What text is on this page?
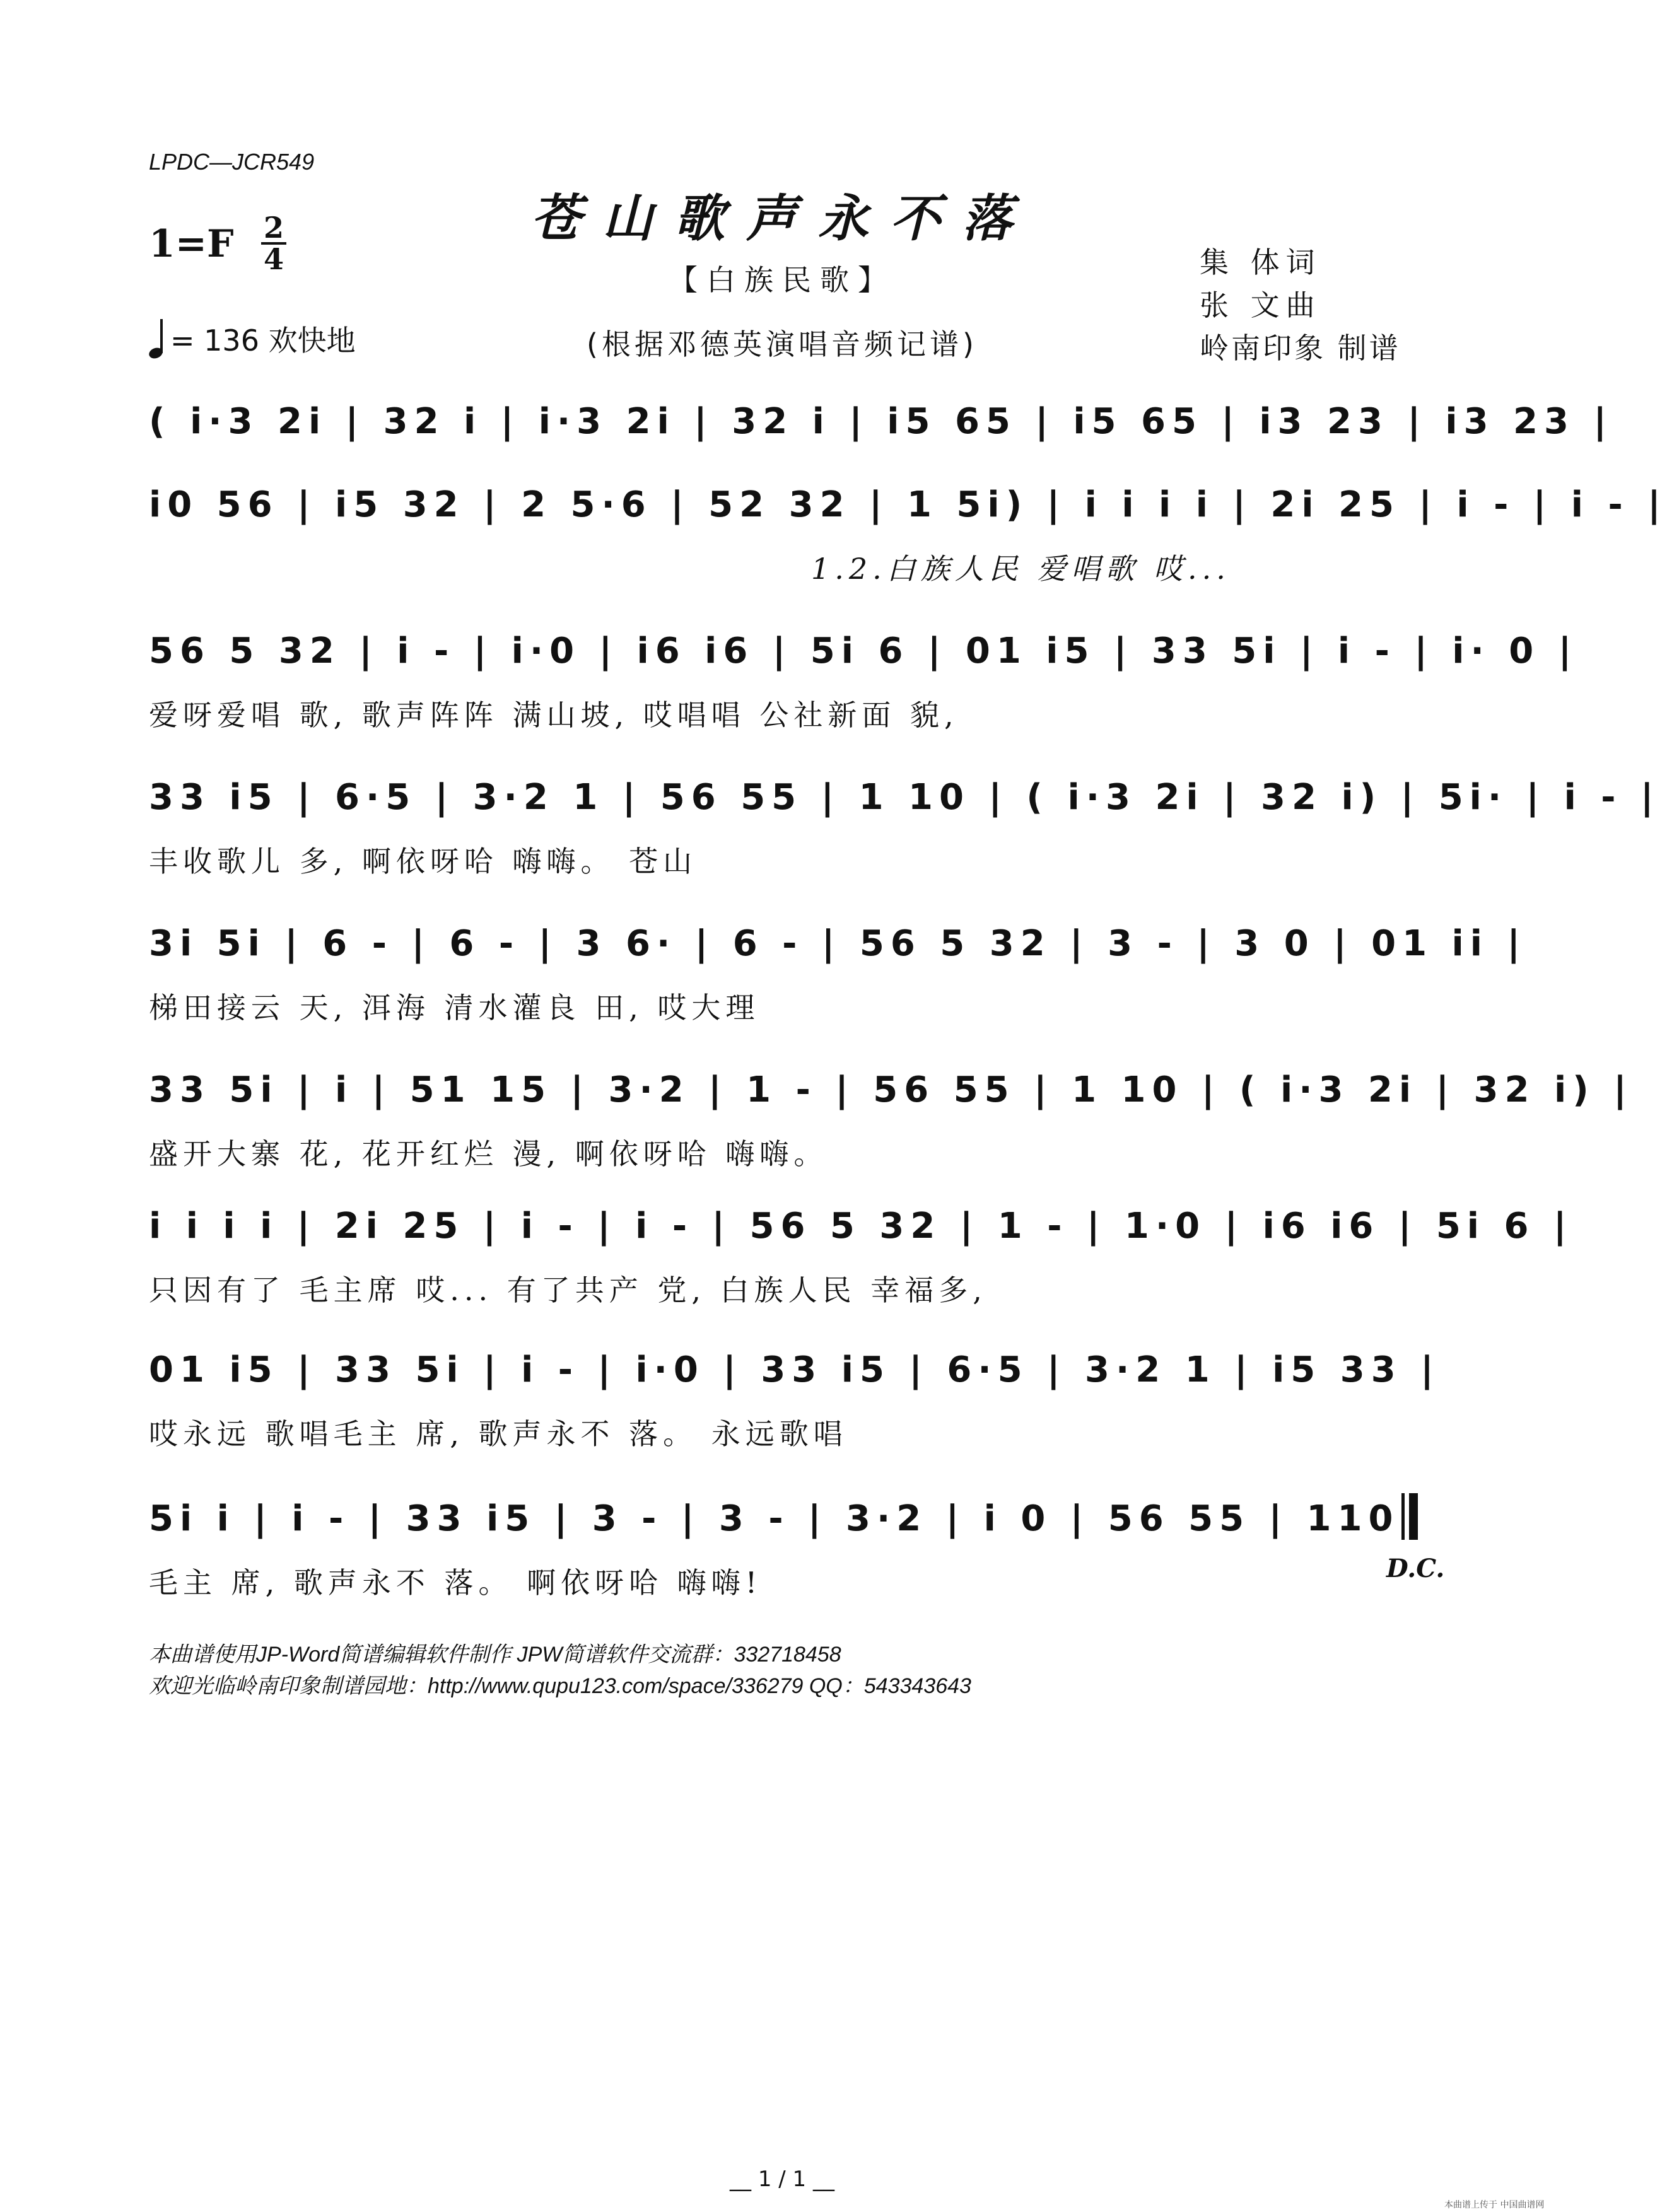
LPDC—JCR549
苍山歌声永不落
1=F 2
4
【白族民歌】
= 136 欢快地	(根据邓德英演唱音频记谱)
集 体词
张 文曲
岭南印象 制谱
( i·3 2i | 32 i | i·3 2i | 32 i | i5 65 | i5 65 | i3 23 | i3 23 |
i0 56 | i5 32 | 2 5·6 | 52 32 | 1 5i) | i i i i | 2i 25 | i - | i - |
1.2.白族人民 爱唱歌 哎...
56 5 32 | i - | i·0 | i6 i6 | 5i 6 | 01 i5 | 33 5i | i - | i· 0 |
爱呀爱唱 歌, 歌声阵阵 满山坡, 哎唱唱 公社新面 貌,
33 i5 | 6·5 | 3·2 1 | 56 55 | 1 10 | ( i·3 2i | 32 i) | 5i· | i - |
丰收歌儿 多, 啊依呀哈 嗨嗨。 苍山
3i 5i | 6 - | 6 - | 3 6· | 6 - | 56 5 32 | 3 - | 3 0 | 01 ii |
梯田接云 天, 洱海 清水灌良 田, 哎大理
33 5i | i | 51 15 | 3·2 | 1 - | 56 55 | 1 10 | ( i·3 2i | 32 i) |
盛开大寨 花, 花开红烂 漫, 啊依呀哈 嗨嗨。
i i i i | 2i 25 | i - | i - | 56 5 32 | 1 - | 1·0 | i6 i6 | 5i 6 |
只因有了 毛主席 哎... 有了共产 党, 白族人民 幸福多,
01 i5 | 33 5i | i - | i·0 | 33 i5 | 6·5 | 3·2 1 | i5 33 |
哎永远 歌唱毛主 席, 歌声永不 落。 永远歌唱
5i i | i - | 33 i5 | 3 - | 3 - | 3·2 | i 0 | 56 55 | 110
毛主 席, 歌声永不 落。 啊依呀哈 嗨嗨!	D.C.
本曲谱使用JP-Word简谱编辑软件制作 JPW简谱软件交流群：332718458
欢迎光临岭南印象制谱园地：http://www.qupu123.com/space/336279 QQ：543343643
__ 1 / 1 __
本曲谱上传于 中国曲谱网
